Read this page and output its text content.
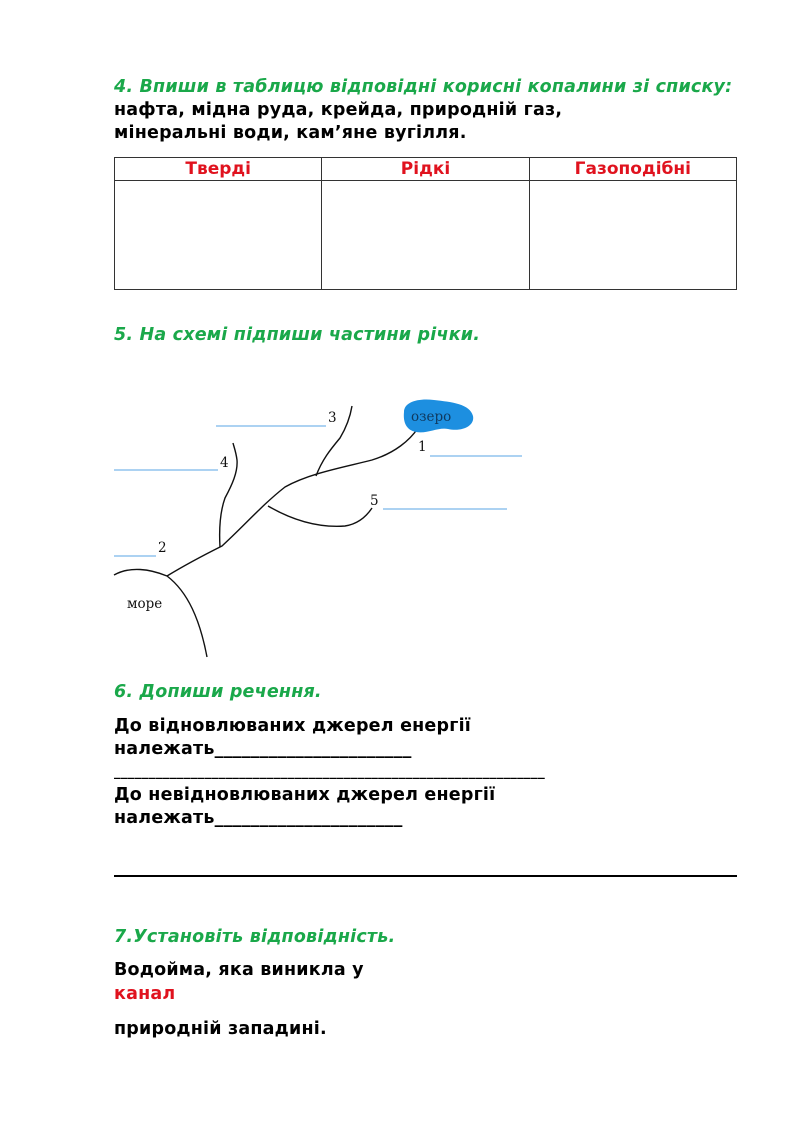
4. Впиши в таблицю відповідні корисні копалини зі списку: нафта, мідна руда, крейда, природній газ,
мінеральні води, кам’яне вугілля.
Тверді	Рідкі	Газоподібні

5. На схемі підпиши частини річки.
озеро
море
1
2
3
4
5
6. Допиши речення.
До відновлюваних джерел енергії
належать______________________
______________________________________________________________
До невідновлюваних джерел енергії
належать_____________________
7.Установіть відповідність.
Водойма, яка виникла у
канал
природній западині.
